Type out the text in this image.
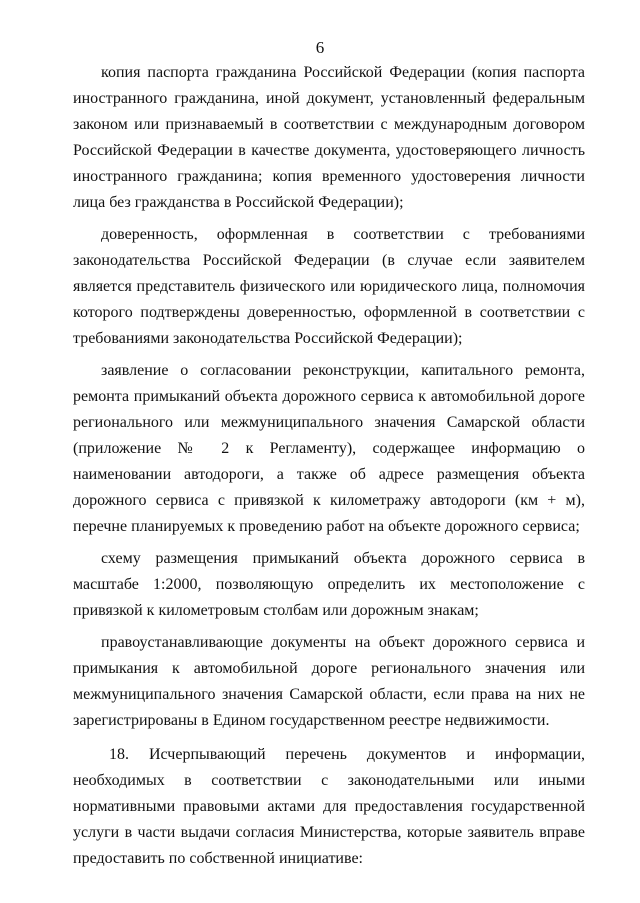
6

копия паспорта гражданина Российской Федерации (копия паспорта иностранного гражданина, иной документ, установленный федеральным законом или признаваемый в соответствии с международным договором Российской Федерации в качестве документа, удостоверяющего личность иностранного гражданина; копия временного удостоверения личности лица без гражданства в Российской Федерации);

доверенность, оформленная в соответствии с требованиями законодательства Российской Федерации (в случае если заявителем является представитель физического или юридического лица, полномочия которого подтверждены доверенностью, оформленной в соответствии с требованиями законодательства Российской Федерации);

заявление о согласовании реконструкции, капитального ремонта, ремонта примыканий объекта дорожного сервиса к автомобильной дороге регионального или межмуниципального значения Самарской области (приложение № 2 к Регламенту), содержащее информацию о наименовании автодороги, а также об адресе размещения объекта дорожного сервиса с привязкой к километражу автодороги (км + м), перечне планируемых к проведению работ на объекте дорожного сервиса;

схему размещения примыканий объекта дорожного сервиса в масштабе 1:2000, позволяющую определить их местоположение с привязкой к километровым столбам или дорожным знакам;

правоустанавливающие документы на объект дорожного сервиса и примыкания к автомобильной дороге регионального значения или межмуниципального значения Самарской области, если права на них не зарегистрированы в Едином государственном реестре недвижимости.

18. Исчерпывающий перечень документов и информации, необходимых в соответствии с законодательными или иными нормативными правовыми актами для предоставления государственной услуги в части выдачи согласия Министерства, которые заявитель вправе предоставить по собственной инициативе:
